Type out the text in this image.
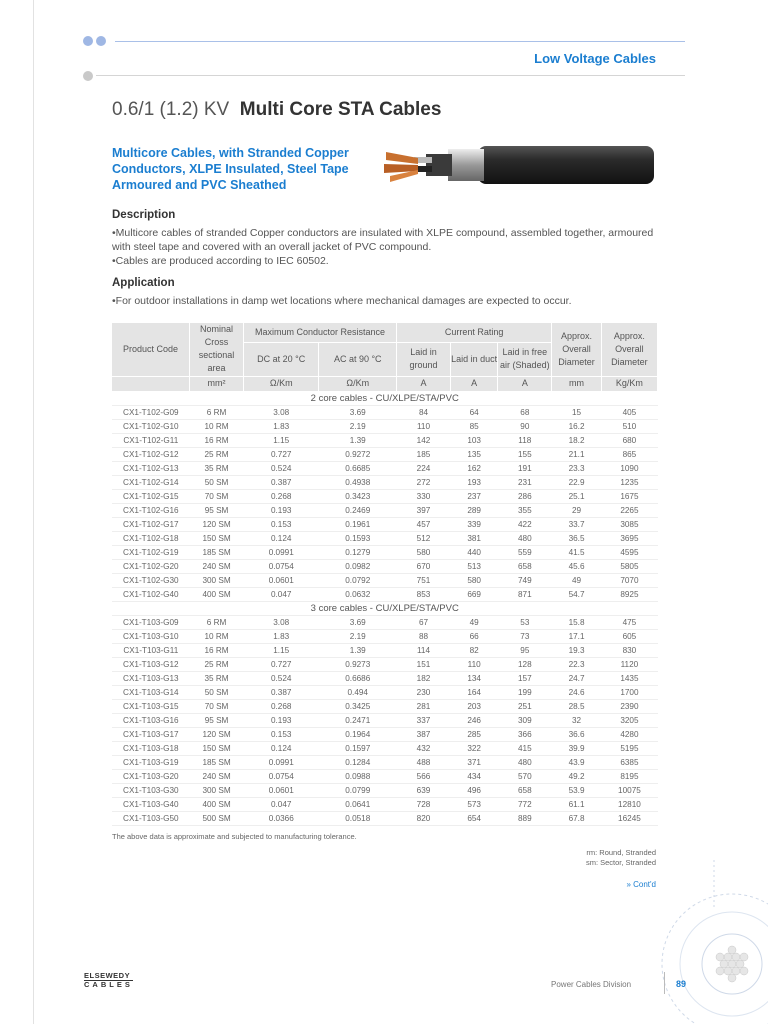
Low Voltage Cables
0.6/1 (1.2) KV Multi Core STA Cables
Multicore Cables, with Stranded Copper Conductors, XLPE Insulated, Steel Tape Armoured and PVC Sheathed
Description
•Multicore cables of stranded Copper conductors are insulated with XLPE compound, assembled together, armoured with steel tape and covered with an overall jacket of PVC compound.
•Cables are produced according to IEC 60502.
Application
•For outdoor installations in damp wet locations where mechanical damages are expected to occur.
Product Code	Nominal Cross sectional area	Maximum Conductor Resistance		Current Rating			Approx. Overall Diameter	Approx. Overall Diameter
		DC at 20 °C	AC at 90 °C	Laid in ground	Laid in duct	Laid in free air (Shaded)		
	mm²	Ω/Km	Ω/Km	A	A	A	mm	Kg/Km
2 core cables - CU/XLPE/STA/PVC								
CX1-T102-G09	6 RM	3.08	3.69	84	64	68	15	405
CX1-T102-G10	10 RM	1.83	2.19	110	85	90	16.2	510
CX1-T102-G11	16 RM	1.15	1.39	142	103	118	18.2	680
CX1-T102-G12	25 RM	0.727	0.9272	185	135	155	21.1	865
CX1-T102-G13	35 RM	0.524	0.6685	224	162	191	23.3	1090
CX1-T102-G14	50 SM	0.387	0.4938	272	193	231	22.9	1235
CX1-T102-G15	70 SM	0.268	0.3423	330	237	286	25.1	1675
CX1-T102-G16	95 SM	0.193	0.2469	397	289	355	29	2265
CX1-T102-G17	120 SM	0.153	0.1961	457	339	422	33.7	3085
CX1-T102-G18	150 SM	0.124	0.1593	512	381	480	36.5	3695
CX1-T102-G19	185 SM	0.0991	0.1279	580	440	559	41.5	4595
CX1-T102-G20	240 SM	0.0754	0.0982	670	513	658	45.6	5805
CX1-T102-G30	300 SM	0.0601	0.0792	751	580	749	49	7070
CX1-T102-G40	400 SM	0.047	0.0632	853	669	871	54.7	8925
3 core cables - CU/XLPE/STA/PVC								
CX1-T103-G09	6 RM	3.08	3.69	67	49	53	15.8	475
CX1-T103-G10	10 RM	1.83	2.19	88	66	73	17.1	605
CX1-T103-G11	16 RM	1.15	1.39	114	82	95	19.3	830
CX1-T103-G12	25 RM	0.727	0.9273	151	110	128	22.3	1120
CX1-T103-G13	35 RM	0.524	0.6686	182	134	157	24.7	1435
CX1-T103-G14	50 SM	0.387	0.494	230	164	199	24.6	1700
CX1-T103-G15	70 SM	0.268	0.3425	281	203	251	28.5	2390
CX1-T103-G16	95 SM	0.193	0.2471	337	246	309	32	3205
CX1-T103-G17	120 SM	0.153	0.1964	387	285	366	36.6	4280
CX1-T103-G18	150 SM	0.124	0.1597	432	322	415	39.9	5195
CX1-T103-G19	185 SM	0.0991	0.1284	488	371	480	43.9	6385
CX1-T103-G20	240 SM	0.0754	0.0988	566	434	570	49.2	8195
CX1-T103-G30	300 SM	0.0601	0.0799	639	496	658	53.9	10075
CX1-T103-G40	400 SM	0.047	0.0641	728	573	772	61.1	12810
CX1-T103-G50	500 SM	0.0366	0.0518	820	654	889	67.8	16245
The above data is approximate and subjected to manufacturing tolerance.
rm: Round, Stranded
sm: Sector, Stranded
» Cont'd
ELSEWEDY
CABLES	Power Cables Division	89
